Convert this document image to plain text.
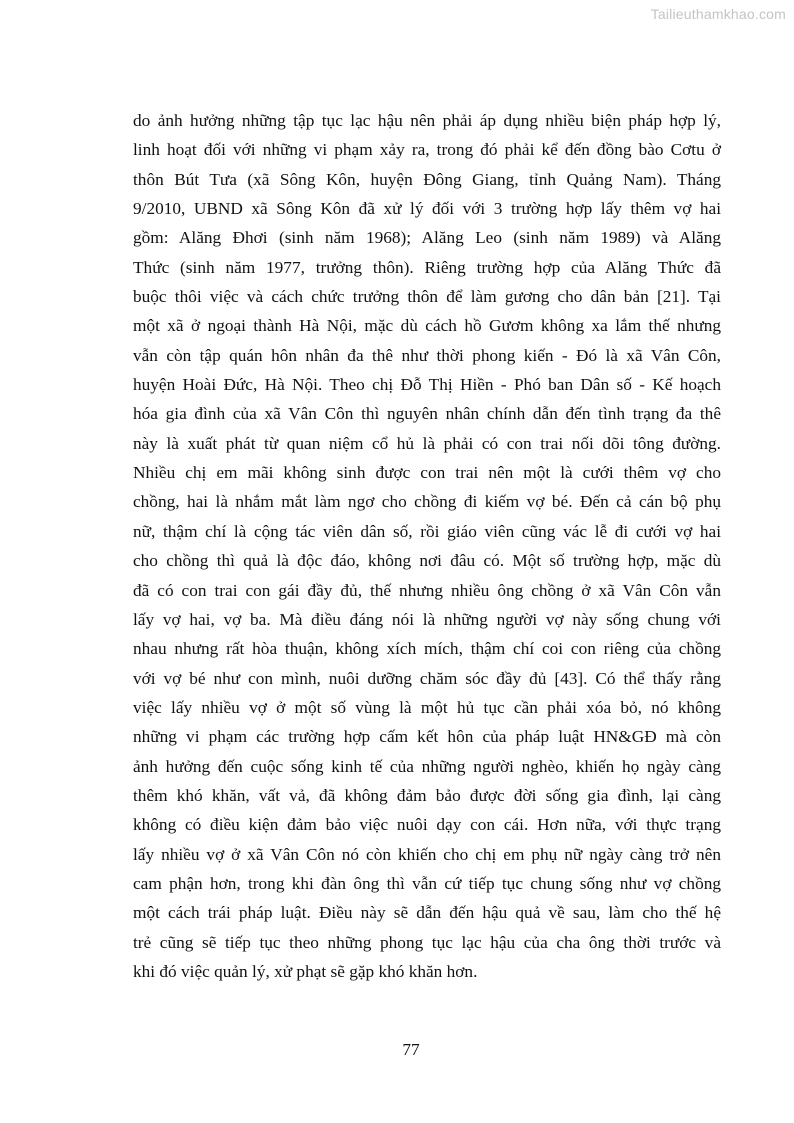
Tailieuthamkhao.com
do ảnh hưởng những tập tục lạc hậu nên phải áp dụng nhiều biện pháp hợp lý,
linh hoạt đối với những vi phạm xảy ra, trong đó phải kể đến đồng bào Cơtu ở
thôn Bút Tưa (xã Sông Kôn, huyện Đông Giang, tỉnh Quảng Nam). Tháng
9/2010, UBND xã Sông Kôn đã xử lý đối với 3 trường hợp lấy thêm vợ hai
gồm: Alăng Đhơi (sinh năm 1968); Alăng Leo (sinh năm 1989) và Alăng
Thức (sinh năm 1977, trưởng thôn). Riêng trường hợp của Alăng Thức đã
buộc thôi việc và cách chức trưởng thôn để làm gương cho dân bản [21]. Tại
một xã ở ngoại thành Hà Nội, mặc dù cách hồ Gươm không xa lắm thế nhưng
vẫn còn tập quán hôn nhân đa thê như thời phong kiến - Đó là xã Vân Côn,
huyện Hoài Đức, Hà Nội. Theo chị Đỗ Thị Hiền - Phó ban Dân số - Kế hoạch
hóa gia đình của xã Vân Côn thì nguyên nhân chính dẫn đến tình trạng đa thê
này là xuất phát từ quan niệm cổ hủ là phải có con trai nối dõi tông đường.
Nhiều chị em mãi không sinh được con trai nên một là cưới thêm vợ cho
chồng, hai là nhắm mắt làm ngơ cho chồng đi kiếm vợ bé. Đến cả cán bộ phụ
nữ, thậm chí là cộng tác viên dân số, rồi giáo viên cũng vác lễ đi cưới vợ hai
cho chồng thì quả là độc đáo, không nơi đâu có. Một số trường hợp, mặc dù
đã có con trai con gái đầy đủ, thế nhưng nhiều ông chồng ở xã Vân Côn vẫn
lấy vợ hai, vợ ba. Mà điều đáng nói là những người vợ này sống chung với
nhau nhưng rất hòa thuận, không xích mích, thậm chí coi con riêng của chồng
với vợ bé như con mình, nuôi dưỡng chăm sóc đầy đủ [43]. Có thể thấy rằng
việc lấy nhiều vợ ở một số vùng là một hủ tục cần phải xóa bỏ, nó không
những vi phạm các trường hợp cấm kết hôn của pháp luật HN&GĐ mà còn
ảnh hưởng đến cuộc sống kinh tế của những người nghèo, khiến họ ngày càng
thêm khó khăn, vất vả, đã không đảm bảo được đời sống gia đình, lại càng
không có điều kiện đảm bảo việc nuôi dạy con cái. Hơn nữa, với thực trạng
lấy nhiều vợ ở xã Vân Côn nó còn khiến cho chị em phụ nữ ngày càng trở nên
cam phận hơn, trong khi đàn ông thì vẫn cứ tiếp tục chung sống như vợ chồng
một cách trái pháp luật. Điều này sẽ dẫn đến hậu quả về sau, làm cho thế hệ
trẻ cũng sẽ tiếp tục theo những phong tục lạc hậu của cha ông thời trước và
khi đó việc quản lý, xử phạt sẽ gặp khó khăn hơn.
77
